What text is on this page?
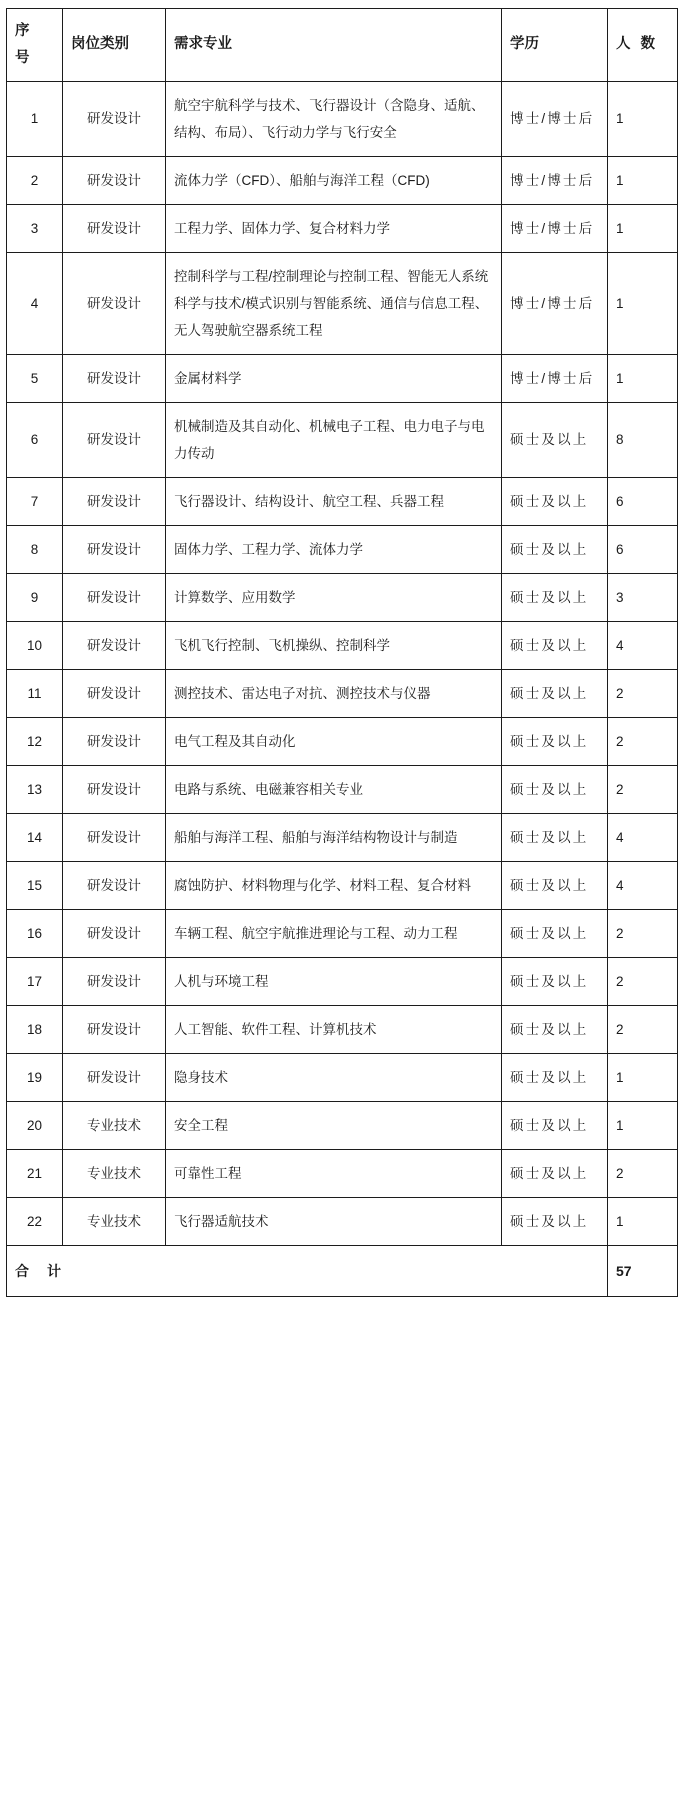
序
号	岗位类别	需求专业	学历	人 数
1	研发设计	航空宇航科学与技术、飞行器设计（含隐身、适航、结构、布局）、飞行动力学与飞行安全	博士/博士后	1
2	研发设计	流体力学（CFD）、船舶与海洋工程（CFD)	博士/博士后	1
3	研发设计	工程力学、固体力学、复合材料力学	博士/博士后	1
4	研发设计	控制科学与工程/控制理论与控制工程、智能无人系统科学与技术/模式识别与智能系统、通信与信息工程、无人驾驶航空器系统工程	博士/博士后	1
5	研发设计	金属材料学	博士/博士后	1
6	研发设计	机械制造及其自动化、机械电子工程、电力电子与电力传动	硕士及以上	8
7	研发设计	飞行器设计、结构设计、航空工程、兵器工程	硕士及以上	6
8	研发设计	固体力学、工程力学、流体力学	硕士及以上	6
9	研发设计	计算数学、应用数学	硕士及以上	3
10	研发设计	飞机飞行控制、飞机操纵、控制科学	硕士及以上	4
11	研发设计	测控技术、雷达电子对抗、测控技术与仪器	硕士及以上	2
12	研发设计	电气工程及其自动化	硕士及以上	2
13	研发设计	电路与系统、电磁兼容相关专业	硕士及以上	2
14	研发设计	船舶与海洋工程、船舶与海洋结构物设计与制造	硕士及以上	4
15	研发设计	腐蚀防护、材料物理与化学、材料工程、复合材料	硕士及以上	4
16	研发设计	车辆工程、航空宇航推进理论与工程、动力工程	硕士及以上	2
17	研发设计	人机与环境工程	硕士及以上	2
18	研发设计	人工智能、软件工程、计算机技术	硕士及以上	2
19	研发设计	隐身技术	硕士及以上	1
20	专业技术	安全工程	硕士及以上	1
21	专业技术	可靠性工程	硕士及以上	2
22	专业技术	飞行器适航技术	硕士及以上	1
合 计				57
